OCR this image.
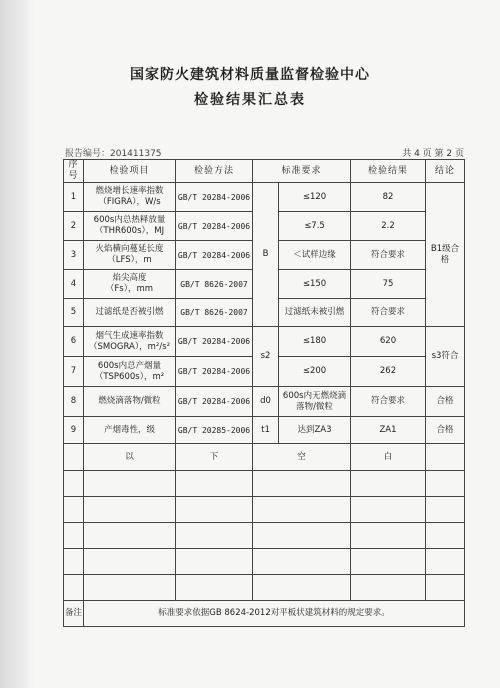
国家防火建筑材料质量监督检验中心
检验结果汇总表
报告编号：201411375	共 4 页 第 2 页
序号	检验项目	检验方法	标准要求		检验结果	结论
1	燃烧增长速率指数
（FIGRA），W/s	GB/T 20284-2006	B	≤120	82	B1级合格
2	600s内总热释放量
（THR600s），MJ	GB/T 20284-2006		≤7.5	2.2	
3	火焰横向蔓延长度
（LFS），m	GB/T 20284-2006		＜试样边缘	符合要求	
4	焰尖高度
（Fs），mm	GB/T 8626-2007		≤150	75	
5	过滤纸是否被引燃	GB/T 8626-2007		过滤纸未被引燃	符合要求	
6	烟气生成速率指数
（SMOGRA），m²/s²	GB/T 20284-2006	s2	≤180	620	s3符合
7	600s内总产烟量
（TSP600s），m²	GB/T 20284-2006		≤200	262	
8	燃烧滴落物/微粒	GB/T 20284-2006	d0	600s内无燃烧滴落物/微粒	符合要求	合格
9	产烟毒性，级	GB/T 20285-2006	t1	达到ZA3	ZA1	合格
	以	下	空		白	

备注	标准要求依据GB 8624-2012对平板状建筑材料的规定要求。					
